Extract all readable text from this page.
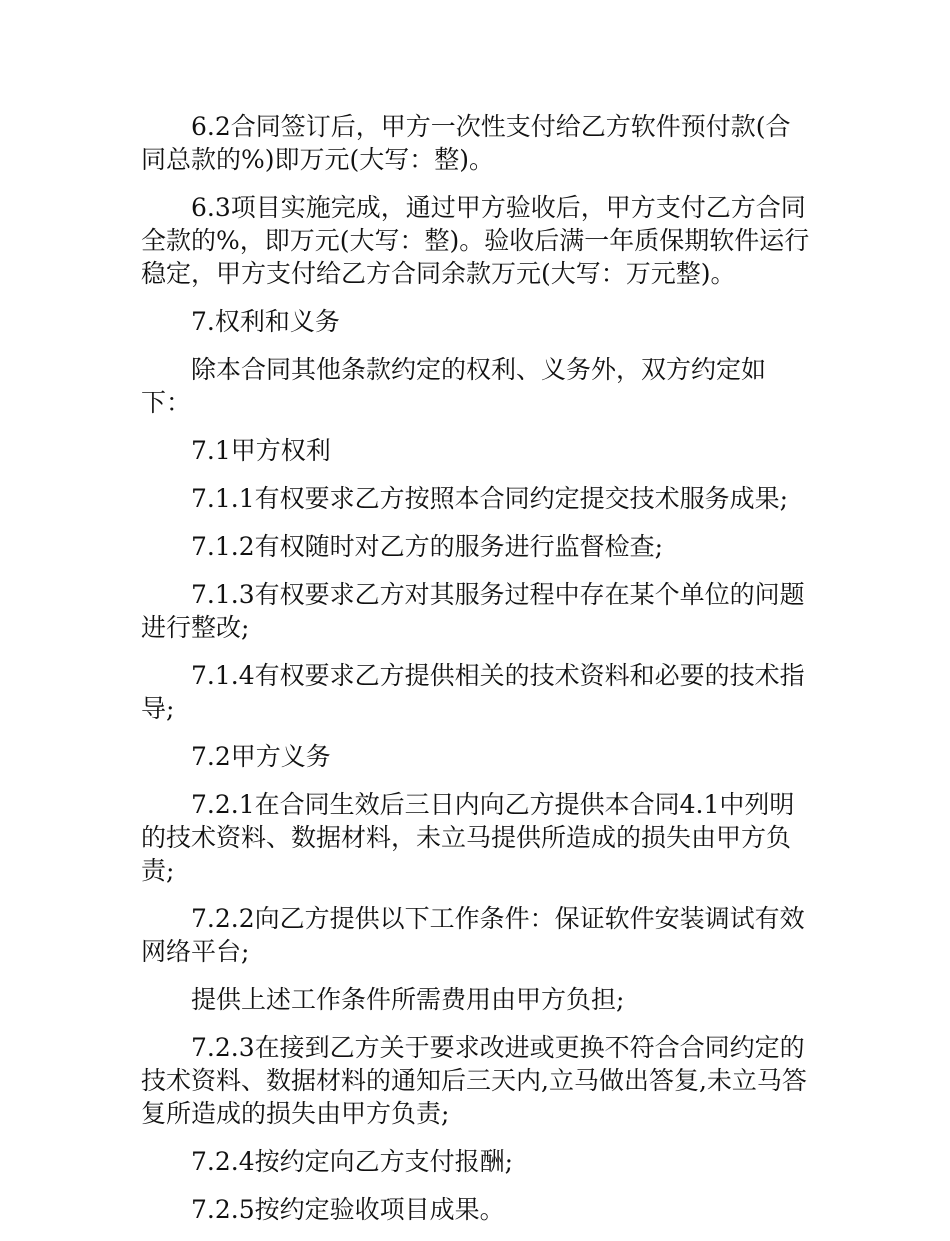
6.2合同签订后，甲方一次性支付给乙方软件预付款(合同总款的%)即万元(大写：整)。

6.3项目实施完成，通过甲方验收后，甲方支付乙方合同全款的%，即万元(大写：整)。验收后满一年质保期软件运行稳定，甲方支付给乙方合同余款万元(大写：万元整)。

7.权利和义务

除本合同其他条款约定的权利、义务外，双方约定如下：

7.1甲方权利

7.1.1有权要求乙方按照本合同约定提交技术服务成果;

7.1.2有权随时对乙方的服务进行监督检查;

7.1.3有权要求乙方对其服务过程中存在某个单位的问题进行整改;

7.1.4有权要求乙方提供相关的技术资料和必要的技术指导;

7.2甲方义务

7.2.1在合同生效后三日内向乙方提供本合同4.1中列明的技术资料、数据材料，未立马提供所造成的损失由甲方负责;

7.2.2向乙方提供以下工作条件：保证软件安装调试有效网络平台;

提供上述工作条件所需费用由甲方负担;

7.2.3在接到乙方关于要求改进或更换不符合合同约定的技术资料、数据材料的通知后三天内,立马做出答复,未立马答复所造成的损失由甲方负责;

7.2.4按约定向乙方支付报酬;

7.2.5按约定验收项目成果。
